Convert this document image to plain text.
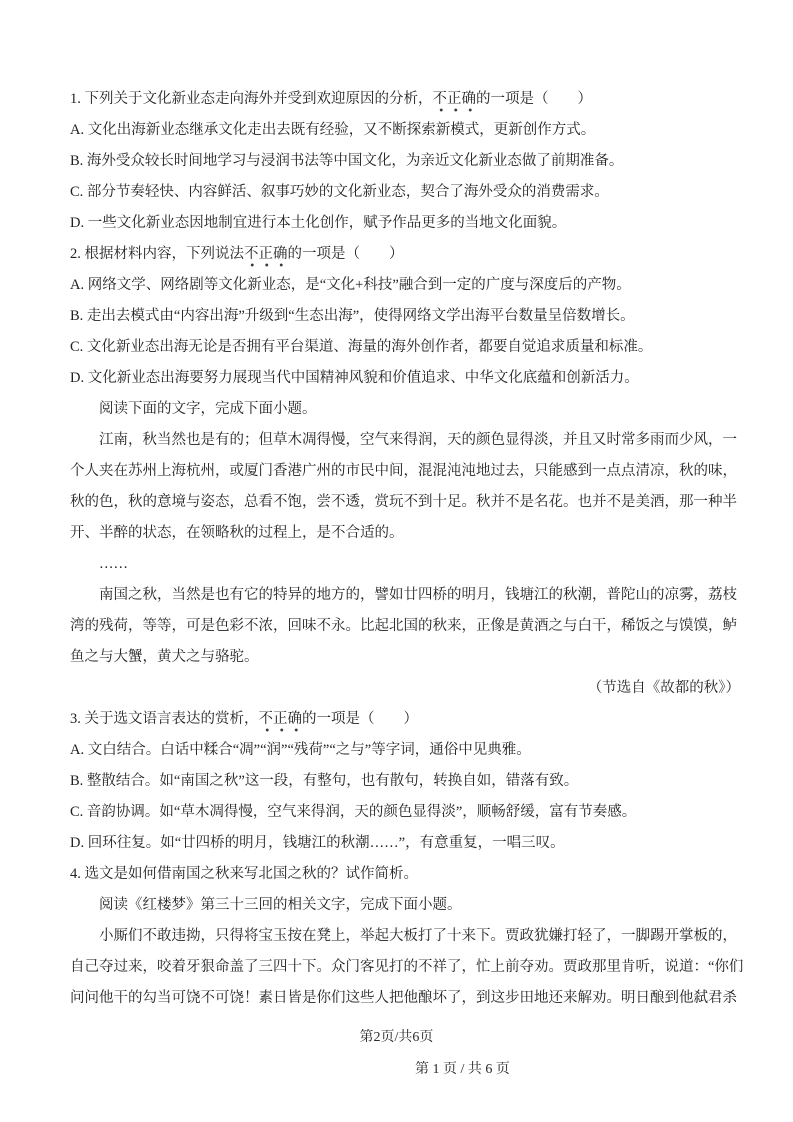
1. 下列关于文化新业态走向海外并受到欢迎原因的分析，不正确的一项是（　　）
A. 文化出海新业态继承文化走出去既有经验，又不断探索新模式，更新创作方式。
B. 海外受众较长时间地学习与浸润书法等中国文化，为亲近文化新业态做了前期准备。
C. 部分节奏轻快、内容鲜活、叙事巧妙的文化新业态，契合了海外受众的消费需求。
D. 一些文化新业态因地制宜进行本土化创作，赋予作品更多的当地文化面貌。
2. 根据材料内容，下列说法不正确的一项是（　　）
A. 网络文学、网络剧等文化新业态，是“文化+科技”融合到一定的广度与深度后的产物。
B. 走出去模式由“内容出海”升级到“生态出海”，使得网络文学出海平台数量呈倍数增长。
C. 文化新业态出海无论是否拥有平台渠道、海量的海外创作者，都要自觉追求质量和标准。
D. 文化新业态出海要努力展现当代中国精神风貌和价值追求、中华文化底蕴和创新活力。
阅读下面的文字，完成下面小题。
江南，秋当然也是有的；但草木凋得慢，空气来得润，天的颜色显得淡，并且又时常多雨而少风，一
个人夹在苏州上海杭州，或厦门香港广州的市民中间，混混沌沌地过去，只能感到一点点清凉，秋的味，
秋的色，秋的意境与姿态，总看不饱，尝不透，赏玩不到十足。秋并不是名花。也并不是美酒，那一种半
开、半醉的状态，在领略秋的过程上，是不合适的。
……
南国之秋，当然是也有它的特异的地方的，譬如廿四桥的明月，钱塘江的秋潮，普陀山的凉雾，荔枝
湾的残荷，等等，可是色彩不浓，回味不永。比起北国的秋来，正像是黄酒之与白干，稀饭之与馍馍，鲈
鱼之与大蟹，黄犬之与骆驼。
（节选自《故都的秋》）
3. 关于选文语言表达的赏析，不正确的一项是（　　）
A. 文白结合。白话中糅合“凋”“润”“残荷”“之与”等字词，通俗中见典雅。
B. 整散结合。如“南国之秋”这一段，有整句，也有散句，转换自如，错落有致。
C. 音韵协调。如“草木凋得慢，空气来得润，天的颜色显得淡”，顺畅舒缓，富有节奏感。
D. 回环往复。如“廿四桥的明月，钱塘江的秋潮……”，有意重复，一唱三叹。
4. 选文是如何借南国之秋来写北国之秋的？试作简析。
阅读《红楼梦》第三十三回的相关文字，完成下面小题。
小厮们不敢违拗，只得将宝玉按在凳上，举起大板打了十来下。贾政犹嫌打轻了，一脚踢开掌板的，
自己夺过来，咬着牙狠命盖了三四十下。众门客见打的不祥了，忙上前夺劝。贾政那里肯听，说道：“你们
问问他干的勾当可饶不可饶！素日皆是你们这些人把他酿坏了，到这步田地还来解劝。明日酿到他弑君杀
第2页/共6页
第 1 页 / 共 6 页
